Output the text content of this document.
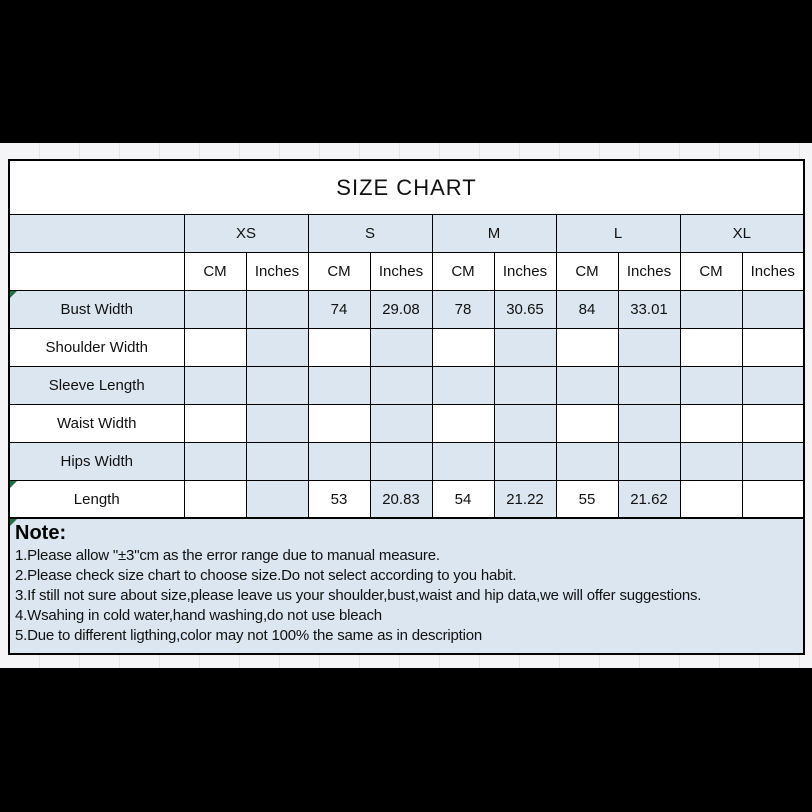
SIZE CHART										
	XS		S		M		L		XL	
	CM	Inches	CM	Inches	CM	Inches	CM	Inches	CM	Inches

Bust Width			74	29.08	78	30.65	84	33.01		
Shoulder Width										
Sleeve Length										
Waist Width										
Hips Width										

Length			53	20.83	54	21.22	55	21.62		
Note:
1.Please allow "±3"cm as the error range due to manual measure.
2.Please check size chart to choose size.Do not select according to you habit.
3.If still not sure about size,please leave us your shoulder,bust,waist and hip data,we will offer suggestions.
4.Wsahing in cold water,hand washing,do not use bleach
5.Due to different ligthing,color may not 100% the same as in description
